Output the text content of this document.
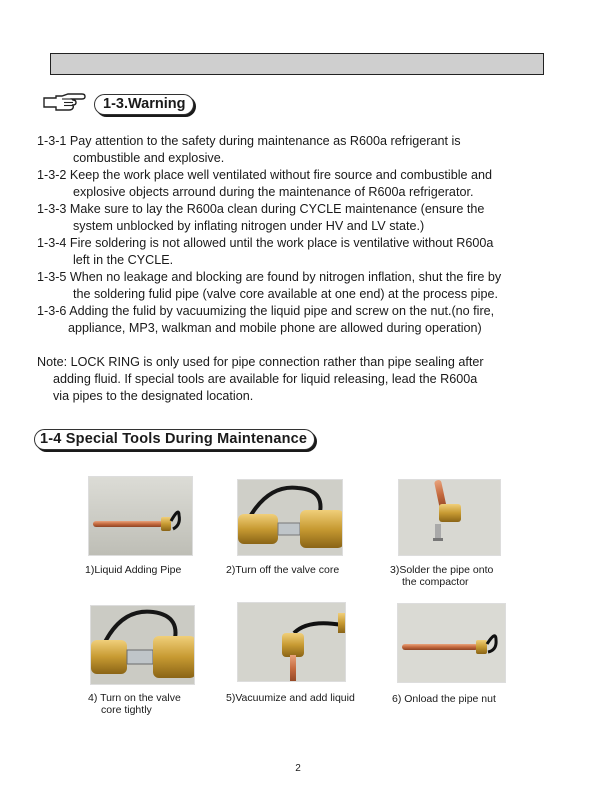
1-3.Warning
1-3-1 Pay attention to the safety during maintenance as R600a refrigerant is
combustible and explosive.
1-3-2 Keep the work place well ventilated without fire source and combustible and
explosive objects arround during the maintenance of R600a refrigerator.
1-3-3 Make sure to lay the R600a clean during CYCLE maintenance (ensure the
system unblocked by inflating nitrogen under HV and LV state.)
1-3-4 Fire soldering is not allowed until the work place is ventilative without R600a
left in the CYCLE.
1-3-5 When no leakage and blocking are found by nitrogen inflation, shut the fire by
the soldering fulid pipe (valve core available at one end) at the process pipe.
1-3-6 Adding the fulid by vacuumizing the liquid pipe and screw on the nut.(no fire,
appliance, MP3, walkman and mobile phone are allowed during operation)
Note: LOCK RING is only used for pipe connection rather than pipe sealing after
adding fluid. If special tools are available for liquid releasing, lead the R600a
via pipes to the designated location.
1-4 Special Tools During Maintenance
1)Liquid Adding Pipe	2)Turn off the valve core	3)Solder the pipe onto
the compactor
4) Turn on the valve
core tightly
5)Vacuumize and add liquid	6) Onload the pipe nut
2
